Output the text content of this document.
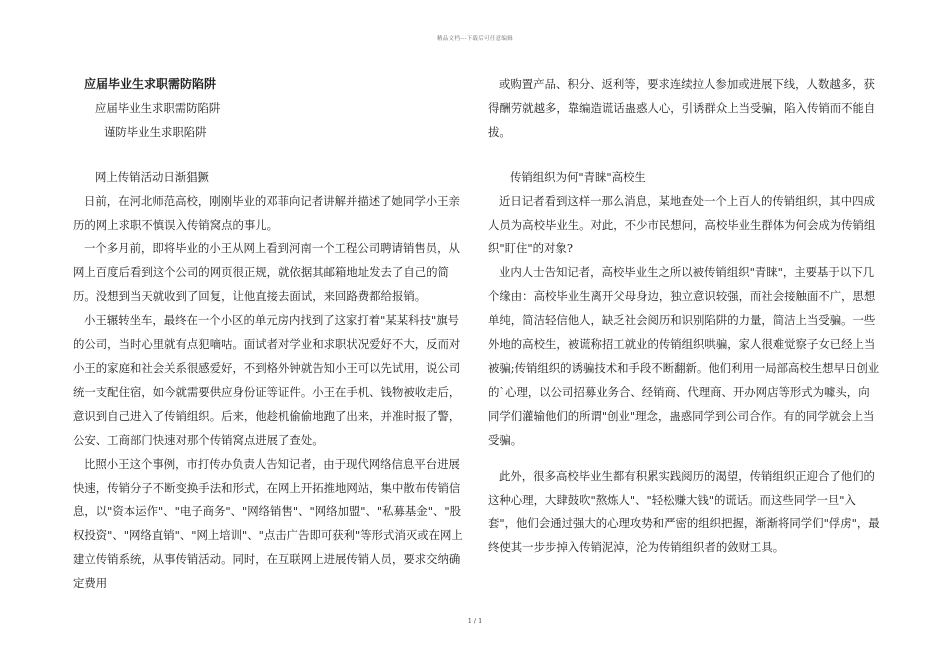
精品文档---下载后可任意编辑

应届毕业生求职需防陷阱

应届毕业生求职需防陷阱

谨防毕业生求职陷阱

网上传销活动日渐猖獗

日前，在河北师范高校，刚刚毕业的邓菲向记者讲解并描述了她同学小王亲历的网上求职不慎误入传销窝点的事儿。

一个多月前，即将毕业的小王从网上看到河南一个工程公司聘请销售员，从网上百度后看到这个公司的网页很正规，就依据其邮箱地址发去了自己的简历。没想到当天就收到了回复，让他直接去面试，来回路费都给报销。

小王辗转坐车，最终在一个小区的单元房内找到了这家打着"某某科技"旗号的公司，当时心里就有点犯嘀咕。面试者对学业和求职状况爱好不大，反而对小王的家庭和社会关系很感爱好，不到格外钟就告知小王可以先试用，说公司统一支配住宿，如今就需要供应身份证等证件。小王在手机、钱物被收走后，意识到自己进入了传销组织。后来，他趁机偷偷地跑了出来，并准时报了警，公安、工商部门快速对那个传销窝点进展了查处。

比照小王这个事例，市打传办负责人告知记者，由于现代网络信息平台进展快速，传销分子不断变换手法和形式，在网上开拓推地网站，集中散布传销信息，以"资本运作"、"电子商务"、"网络销售"、"网络加盟"、"私募基金"、"股权投资"、"网络直销"、"网上培训"、"点击广告即可获利"等形式消灭或在网上建立传销系统，从事传销活动。同时，在互联网上进展传销人员，要求交纳确定费用

或购置产品、积分、返利等，要求连续拉人参加或进展下线，人数越多，获得酬劳就越多，靠编造谎话蛊惑人心，引诱群众上当受骗，陷入传销而不能自拔。

传销组织为何"青睐"高校生

近日记者看到这样一那么消息，某地查处一个上百人的传销组织，其中四成人员为高校毕业生。对此，不少市民想问，高校毕业生群体为何会成为传销组织"盯住"的对象?

业内人士告知记者，高校毕业生之所以被传销组织"青睐"，主要基于以下几个缘由：高校毕业生离开父母身边，独立意识较强，而社会接触面不广，思想单纯，简洁轻信他人，缺乏社会阅历和识别陷阱的力量，简洁上当受骗。一些外地的高校生，被谎称招工就业的传销组织哄骗，家人很难觉察子女已经上当被骗;传销组织的诱骗技术和手段不断翻新。他们利用一局部高校生想早日创业的`心理，以公司招募业务合、经销商、代理商、开办网店等形式为噱头，向同学们灌输他们的所谓"创业"理念，蛊惑同学到公司合作。有的同学就会上当受骗。

此外，很多高校毕业生都有积累实践阅历的渴望，传销组织正迎合了他们的这种心理，大肆鼓吹"熬炼人"、"轻松赚大钱"的谎话。而这些同学一旦"入套"，他们会通过强大的心理攻势和严密的组织把握，渐渐将同学们"俘虏"，最终使其一步步掉入传销泥淖，沦为传销组织者的敛财工具。

1 / 1
